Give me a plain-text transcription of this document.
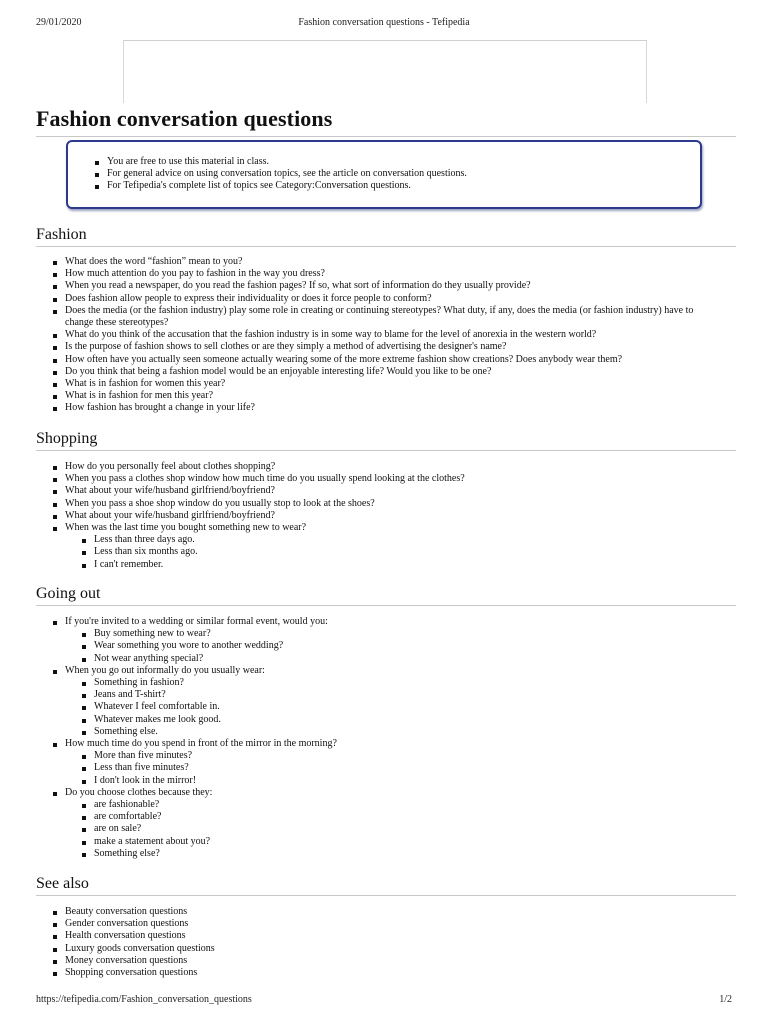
29/01/2020	Fashion conversation questions - Tefipedia
Fashion conversation questions
You are free to use this material in class.
For general advice on using conversation topics, see the article on conversation questions.
For Tefipedia's complete list of topics see Category:Conversation questions.
Fashion
What does the word “fashion” mean to you?
How much attention do you pay to fashion in the way you dress?
When you read a newspaper, do you read the fashion pages? If so, what sort of information do they usually provide?
Does fashion allow people to express their individuality or does it force people to conform?
Does the media (or the fashion industry) play some role in creating or continuing stereotypes? What duty, if any, does the media (or fashion industry) have to change these stereotypes?
What do you think of the accusation that the fashion industry is in some way to blame for the level of anorexia in the western world?
Is the purpose of fashion shows to sell clothes or are they simply a method of advertising the designer's name?
How often have you actually seen someone actually wearing some of the more extreme fashion show creations? Does anybody wear them?
Do you think that being a fashion model would be an enjoyable interesting life? Would you like to be one?
What is in fashion for women this year?
What is in fashion for men this year?
How fashion has brought a change in your life?
Shopping
How do you personally feel about clothes shopping?
When you pass a clothes shop window how much time do you usually spend looking at the clothes?
What about your wife/husband girlfriend/boyfriend?
When you pass a shoe shop window do you usually stop to look at the shoes?
What about your wife/husband girlfriend/boyfriend?
When was the last time you bought something new to wear?
Less than three days ago.
Less than six months ago.
I can't remember.
Going out
If you're invited to a wedding or similar formal event, would you:
Buy something new to wear?
Wear something you wore to another wedding?
Not wear anything special?
When you go out informally do you usually wear:
Something in fashion?
Jeans and T-shirt?
Whatever I feel comfortable in.
Whatever makes me look good.
Something else.
How much time do you spend in front of the mirror in the morning?
More than five minutes?
Less than five minutes?
I don't look in the mirror!
Do you choose clothes because they:
are fashionable?
are comfortable?
are on sale?
make a statement about you?
Something else?
See also
Beauty conversation questions
Gender conversation questions
Health conversation questions
Luxury goods conversation questions
Money conversation questions
Shopping conversation questions
https://tefipedia.com/Fashion_conversation_questions	1/2
